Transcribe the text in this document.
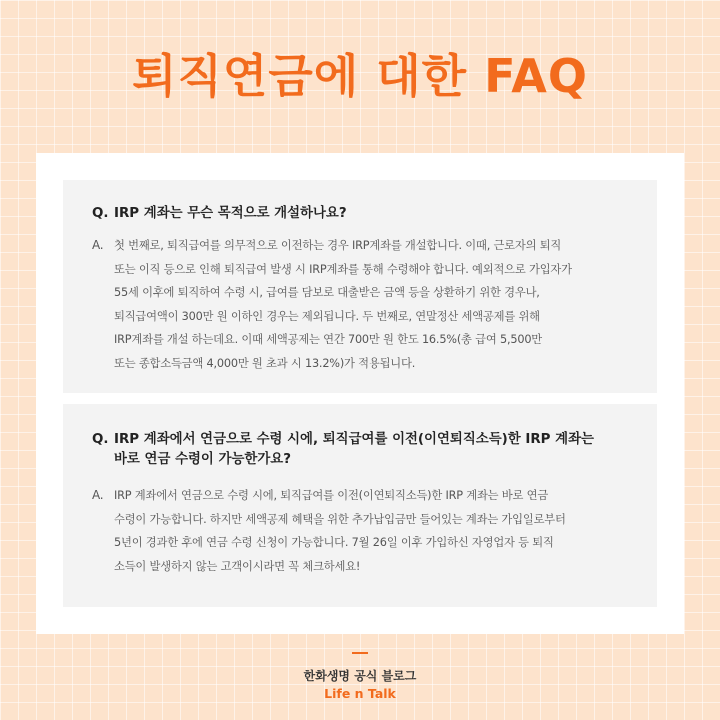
퇴직연금에 대한 FAQ
Q. IRP 계좌는 무슨 목적으로 개설하나요?
A. 첫 번째로, 퇴직급여를 의무적으로 이전하는 경우 IRP계좌를 개설합니다. 이때, 근로자의 퇴직
또는 이직 등으로 인해 퇴직급여 발생 시 IRP계좌를 통해 수령해야 합니다. 예외적으로 가입자가
55세 이후에 퇴직하여 수령 시, 급여를 담보로 대출받은 금액 등을 상환하기 위한 경우나,
퇴직급여액이 300만 원 이하인 경우는 제외됩니다. 두 번째로, 연말정산 세액공제를 위해
IRP계좌를 개설 하는데요. 이때 세액공제는 연간 700만 원 한도 16.5%(총 급여 5,500만
또는 종합소득금액 4,000만 원 초과 시 13.2%)가 적용됩니다.
Q. IRP 계좌에서 연금으로 수령 시에, 퇴직급여를 이전(이연퇴직소득)한 IRP 계좌는
바로 연금 수령이 가능한가요?
A. IRP 계좌에서 연금으로 수령 시에, 퇴직급여를 이전(이연퇴직소득)한 IRP 계좌는 바로 연금
수령이 가능합니다. 하지만 세액공제 혜택을 위한 추가납입금만 들어있는 계좌는 가입일로부터
5년이 경과한 후에 연금 수령 신청이 가능합니다. 7월 26일 이후 가입하신 자영업자 등 퇴직
소득이 발생하지 않는 고객이시라면 꼭 체크하세요!
한화생명 공식 블로그
Life n Talk
